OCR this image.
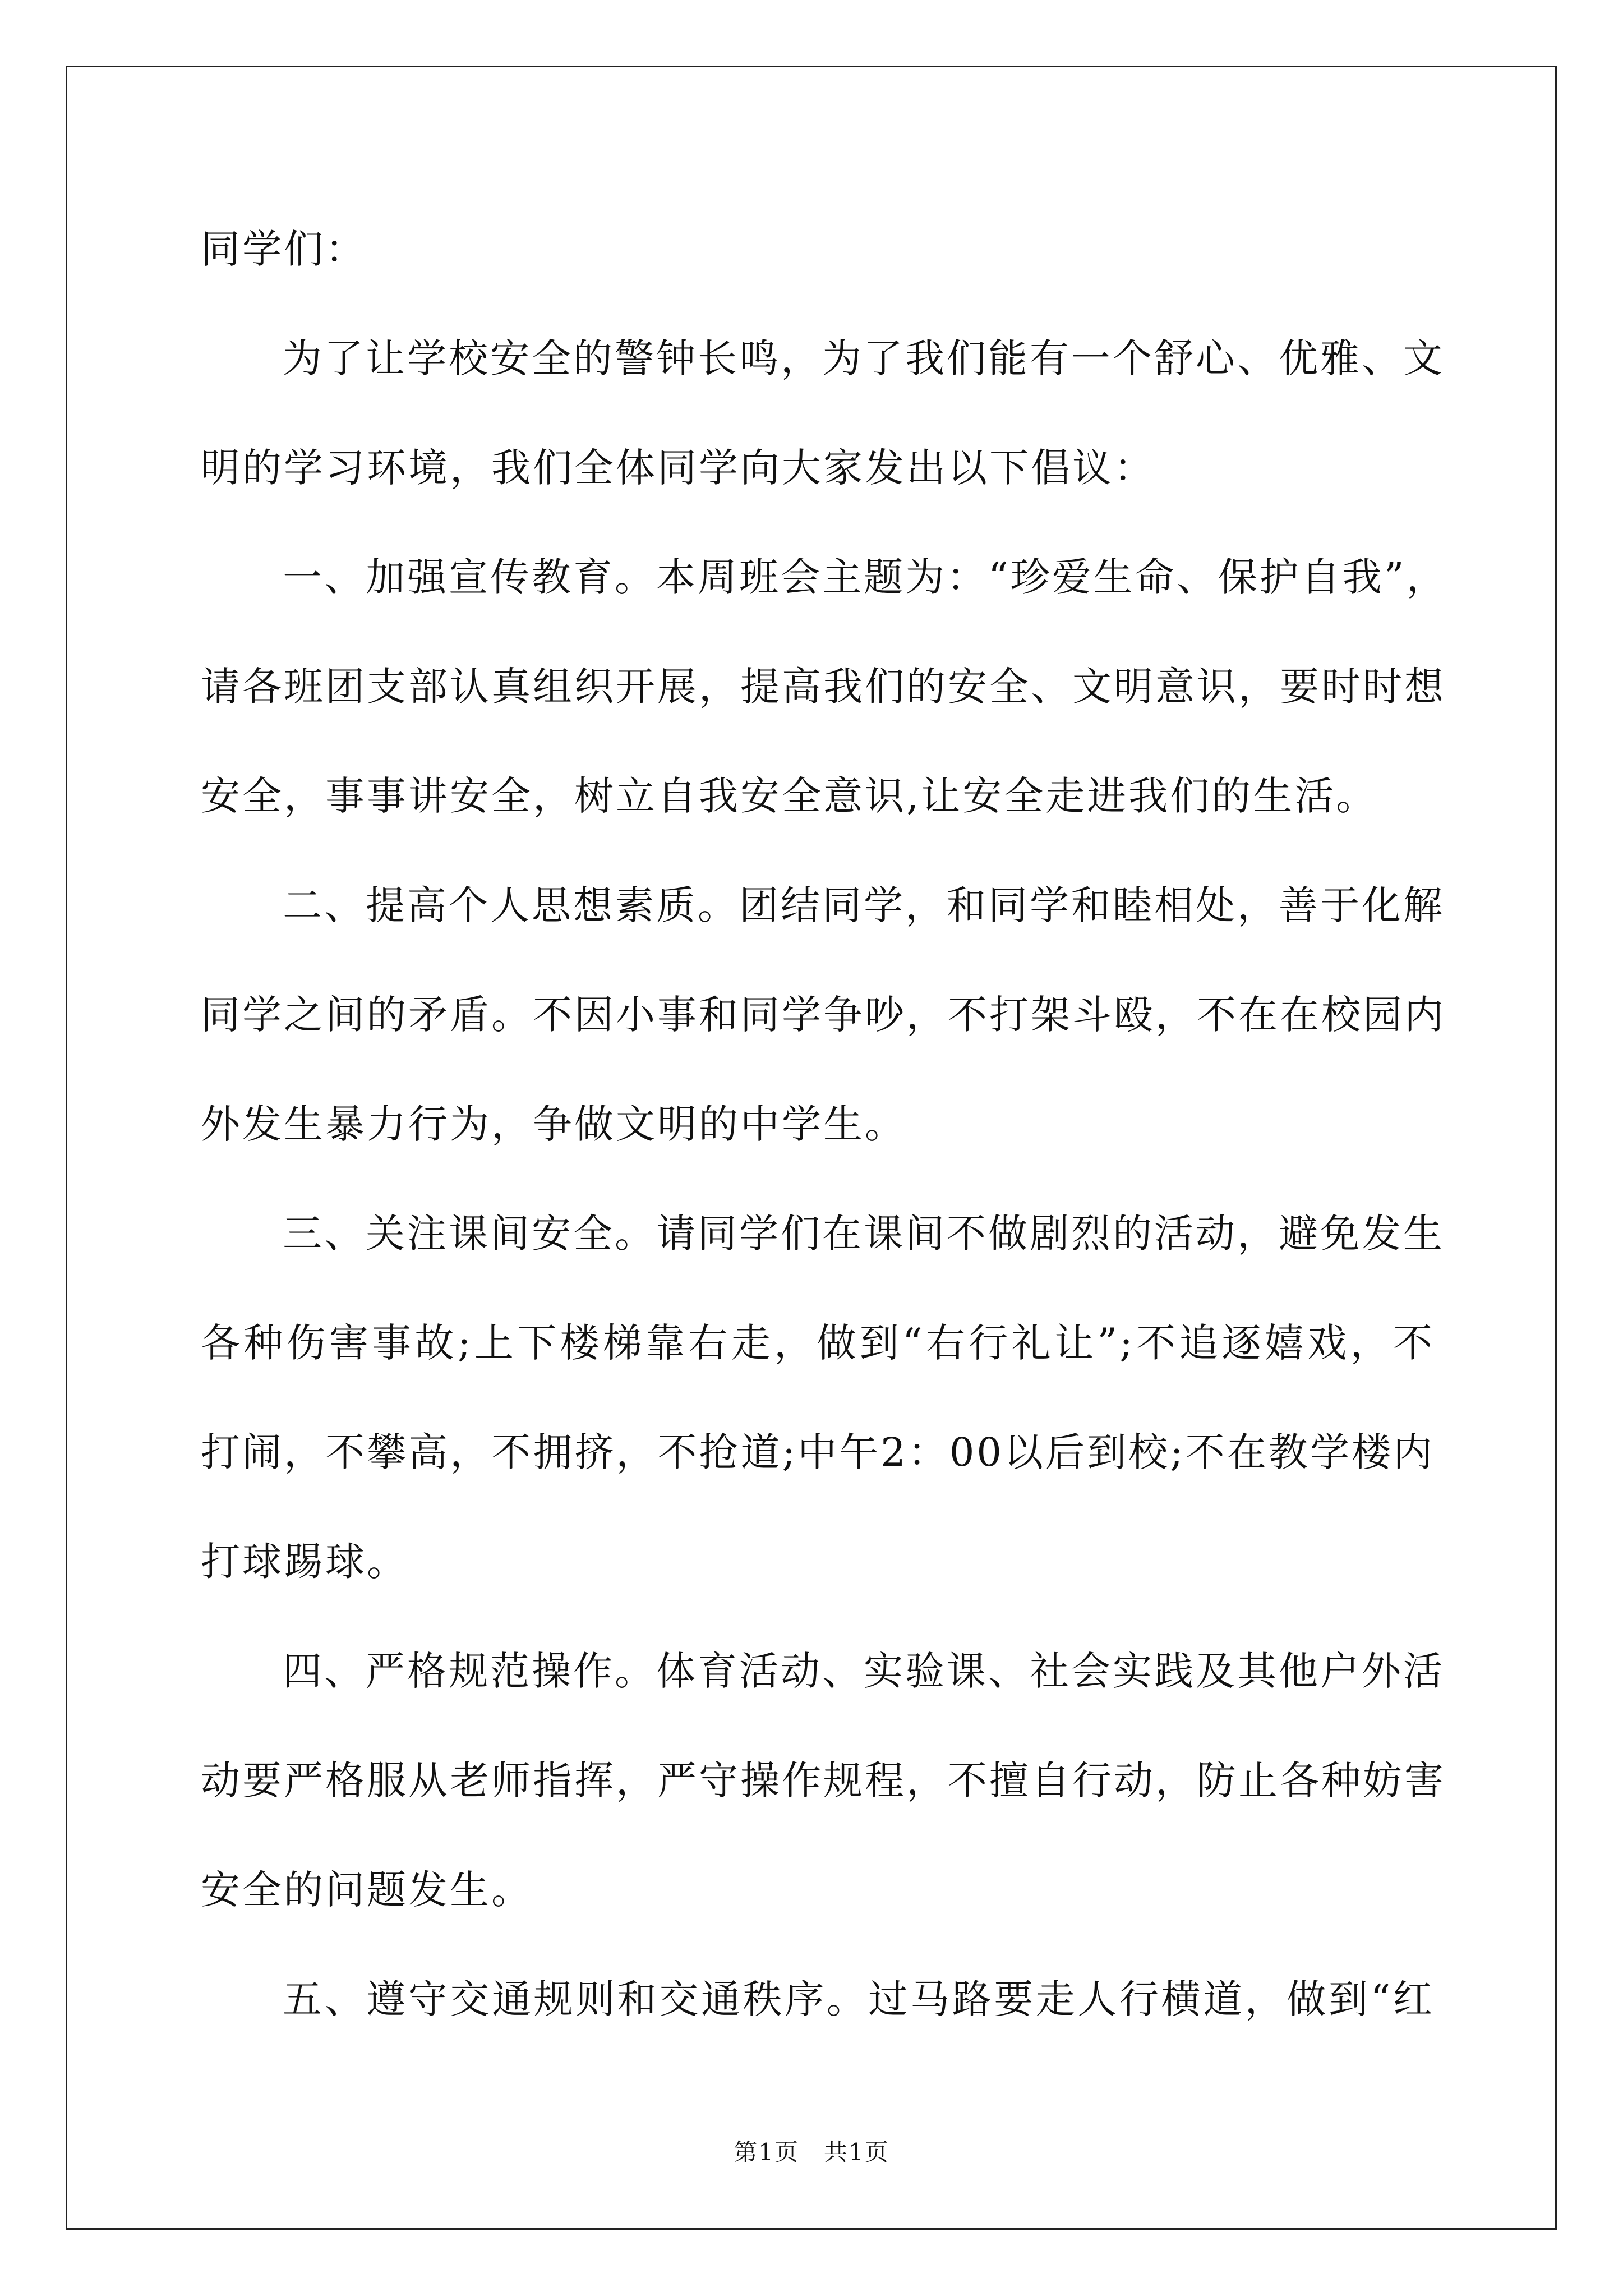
同学们：
为了让学校安全的警钟长鸣，为了我们能有一个舒心、优雅、文
明的学习环境，我们全体同学向大家发出以下倡议：
一、加强宣传教育。本周班会主题为：“珍爱生命、保护自我”，
请各班团支部认真组织开展，提高我们的安全、文明意识，要时时想
安全，事事讲安全，树立自我安全意识,让安全走进我们的生活。
二、提高个人思想素质。团结同学，和同学和睦相处，善于化解
同学之间的矛盾。不因小事和同学争吵，不打架斗殴，不在在校园内
外发生暴力行为，争做文明的中学生。
三、关注课间安全。请同学们在课间不做剧烈的活动，避免发生
各种伤害事故;上下楼梯靠右走，做到“右行礼让”;不追逐嬉戏，不
打闹，不攀高，不拥挤，不抢道;中午2：00以后到校;不在教学楼内
打球踢球。
四、严格规范操作。体育活动、实验课、社会实践及其他户外活
动要严格服从老师指挥，严守操作规程，不擅自行动，防止各种妨害
安全的问题发生。
五、遵守交通规则和交通秩序。过马路要走人行横道，做到“红
第1页　共1页
